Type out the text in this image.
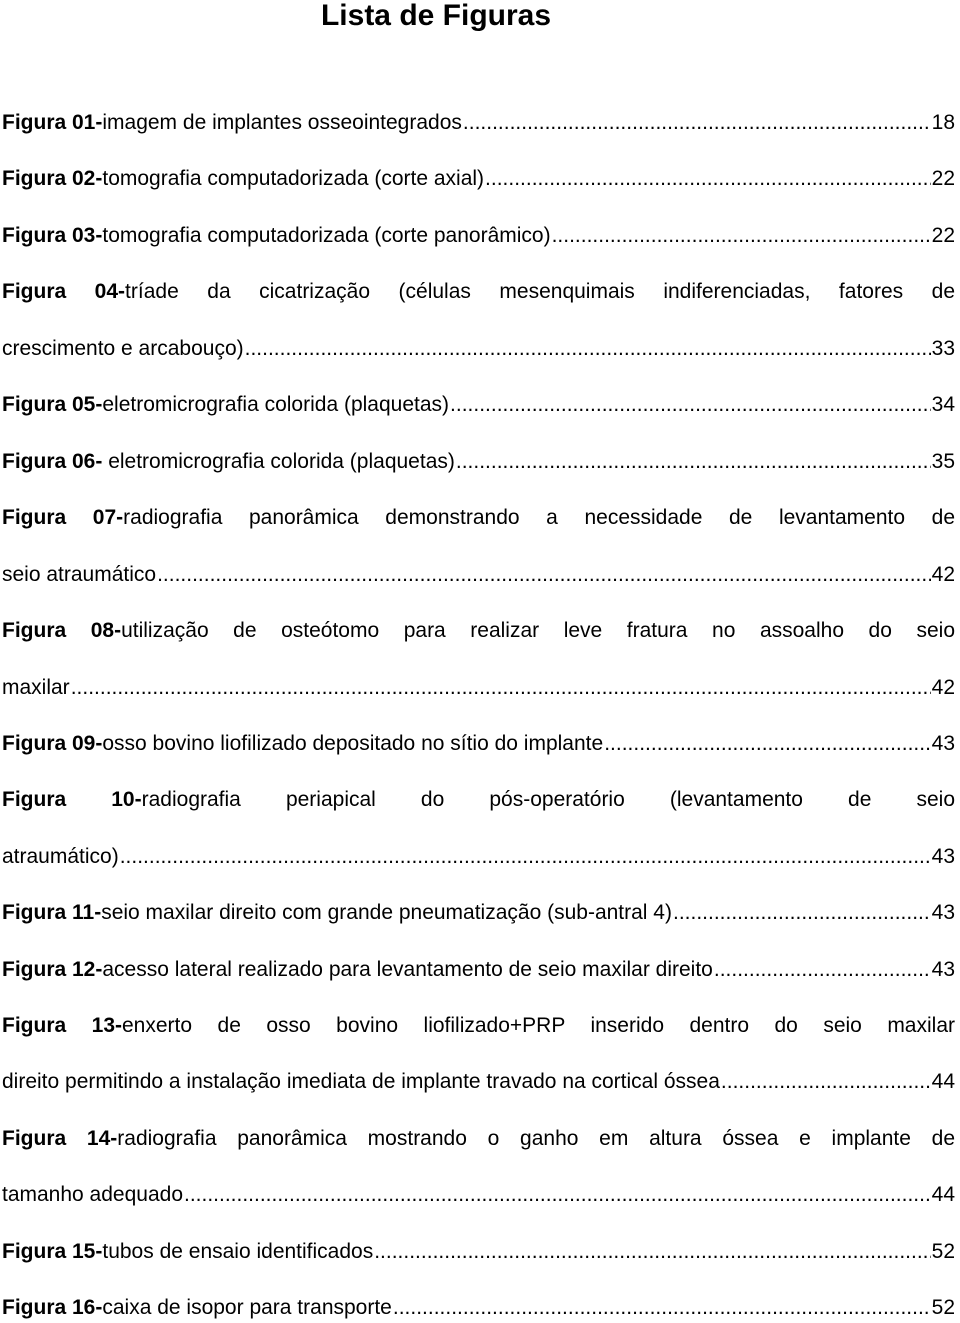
Lista de Figuras
Figura 01- imagem de implantes osseointegrados .....	18
Figura 02- tomografia computadorizada (corte axial) .....	22
Figura 03- tomografia computadorizada (corte panorâmico) .....	22
Figura 04-tríade da cicatrização (células mesenquimais indiferenciadas, fatores de
crescimento e arcabouço) .....	33
Figura 05- eletromicrografia colorida (plaquetas) .....	34
Figura 06- eletromicrografia colorida (plaquetas) .....	35
Figura 07-radiografia panorâmica demonstrando a necessidade de levantamento de
seio atraumático .....	42
Figura 08-utilização de osteótomo para realizar leve fratura no assoalho do seio
maxilar .....	42
Figura 09- osso bovino liofilizado depositado no sítio do implante .....	43
Figura 10-radiografia periapical do pós-operatório (levantamento de seio
atraumático) .....	43
Figura 11- seio maxilar direito com grande pneumatização (sub-antral 4) .....	43
Figura 12- acesso lateral realizado para levantamento de seio maxilar direito .....	43
Figura 13-enxerto de osso bovino liofilizado+PRP inserido dentro do seio maxilar
direito permitindo a instalação imediata de implante travado na cortical óssea .....	44
Figura 14-radiografia panorâmica mostrando o ganho em altura óssea e implante de
tamanho adequado .....	44
Figura 15- tubos de ensaio identificados .....	52
Figura 16- caixa de isopor para transporte .....	52
